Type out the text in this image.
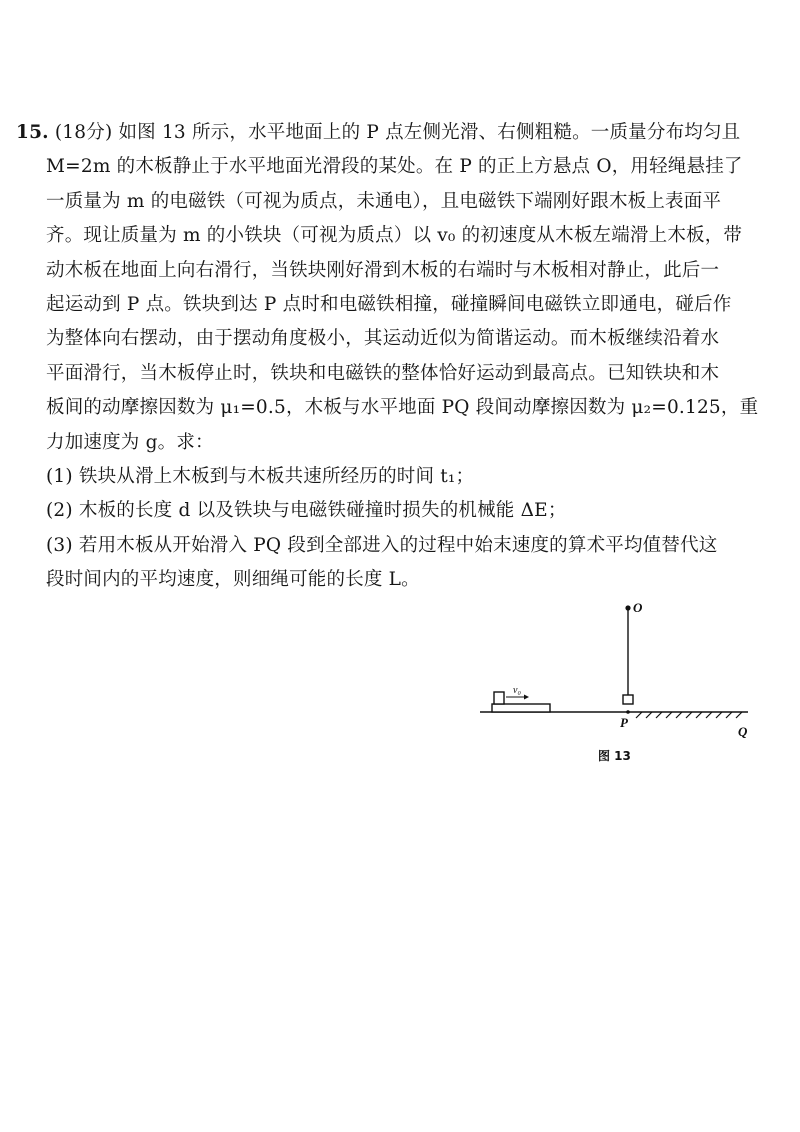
15. (18分) 如图 13 所示，水平地面上的 P 点左侧光滑、右侧粗糙。一质量分布均匀且
M=2m 的木板静止于水平地面光滑段的某处。在 P 的正上方悬点 O，用轻绳悬挂了
一质量为 m 的电磁铁（可视为质点，未通电），且电磁铁下端刚好跟木板上表面平
齐。现让质量为 m 的小铁块（可视为质点）以 v₀ 的初速度从木板左端滑上木板，带
动木板在地面上向右滑行，当铁块刚好滑到木板的右端时与木板相对静止，此后一
起运动到 P 点。铁块到达 P 点时和电磁铁相撞，碰撞瞬间电磁铁立即通电，碰后作
为整体向右摆动，由于摆动角度极小，其运动近似为简谐运动。而木板继续沿着水
平面滑行，当木板停止时，铁块和电磁铁的整体恰好运动到最高点。已知铁块和木
板间的动摩擦因数为 μ₁=0.5，木板与水平地面 PQ 段间动摩擦因数为 μ₂=0.125，重
力加速度为 g。求：
(1) 铁块从滑上木板到与木板共速所经历的时间 t₁；
(2) 木板的长度 d 以及铁块与电磁铁碰撞时损失的机械能 ΔE；
(3) 若用木板从开始滑入 PQ 段到全部进入的过程中始末速度的算术平均值替代这
段时间内的平均速度，则细绳可能的长度 L。
v₀
O
P
Q
图 13
